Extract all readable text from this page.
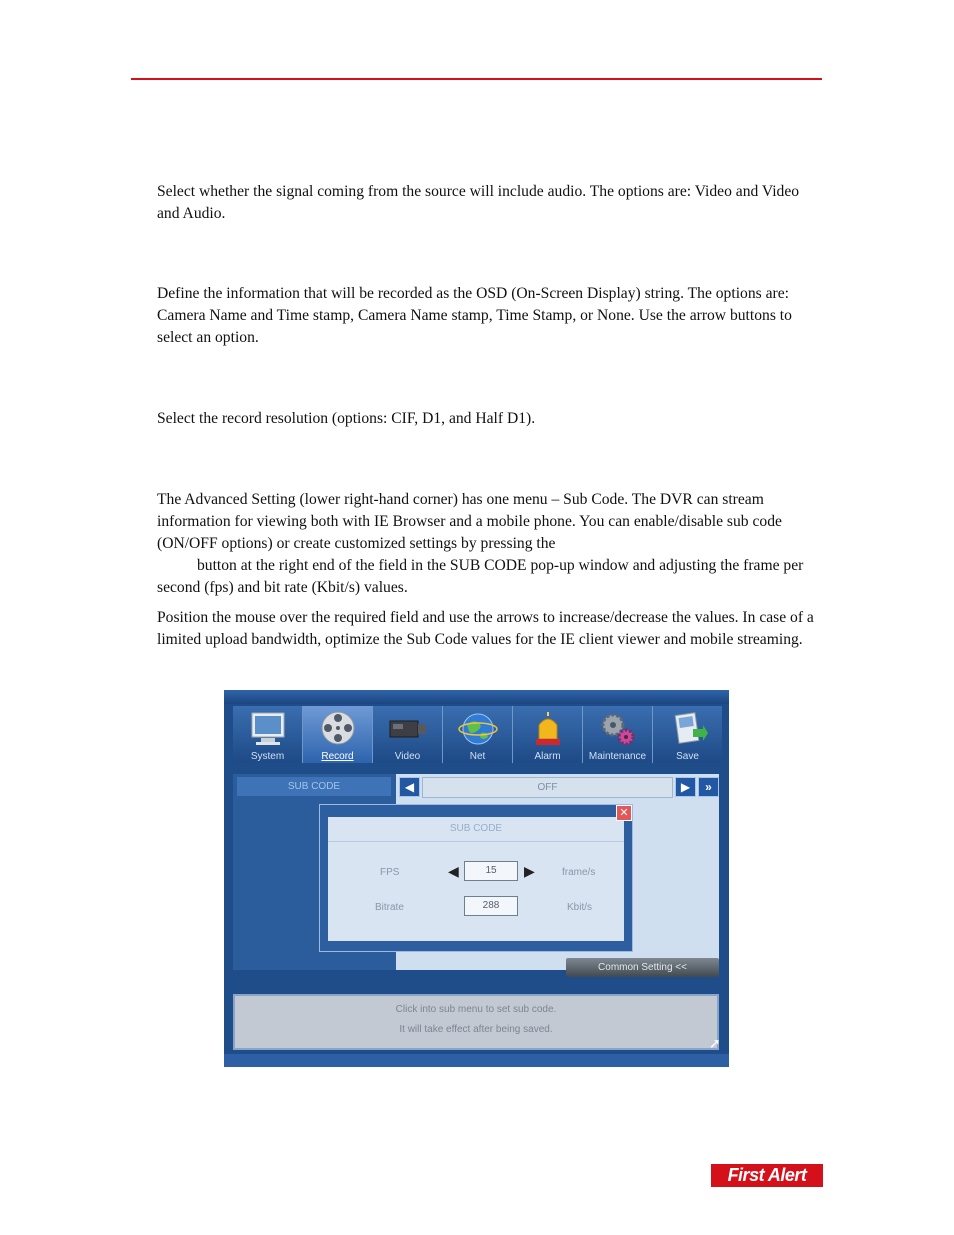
Select whether the signal coming from the source will include audio. The options are: Video and Video and Audio.

Define the information that will be recorded as the OSD (On-Screen Display) string. The options are: Camera Name and Time stamp, Camera Name stamp, Time Stamp, or None. Use the arrow buttons to select an option.

Select the record resolution (options: CIF, D1, and Half D1).

The Advanced Setting (lower right-hand corner) has one menu – Sub Code. The DVR can stream information for viewing both with IE Browser and a mobile phone. You can enable/disable sub code (ON/OFF options) or create customized settings by pressing the
button at the right end of the field in the SUB CODE pop-up window and adjusting the frame per second (fps) and bit rate (Kbit/s) values.

Position the mouse over the required field and use the arrows to increase/decrease the values. In case of a limited upload bandwidth, optimize the Sub Code values for the IE client viewer and mobile streaming.

System	Record	Video	Net	Alarm	Maintenance	Save
SUB CODE	◀	OFF	▶	»
Common Setting <<
SUB CODE
FPS	◀	15	▶	frame/s
Bitrate	288	Kbit/s
✕
Click into sub menu to set sub code.
It will take effect after being saved.
➚
First Alert
